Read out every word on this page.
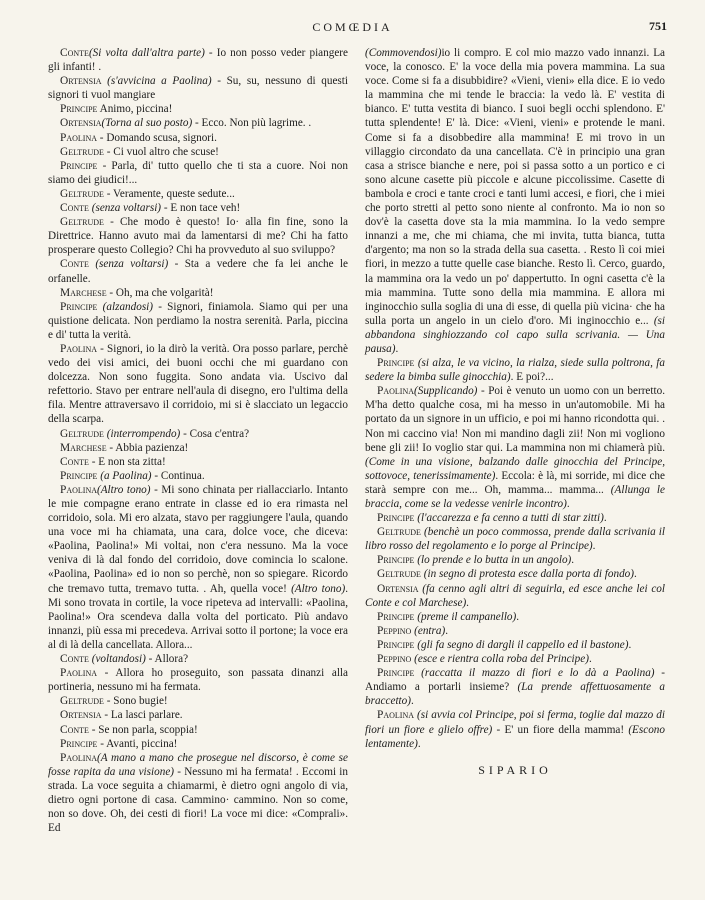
COMŒDIA	751

Conte(Si volta dall'altra parte) - Io non posso veder piangere gli infanti! .

Ortensia (s'avvicina a Paolina) - Su, su, nessuno di questi signori ti vuol mangiare

Principe Animo, piccina!

Ortensia(Torna al suo posto) - Ecco. Non più lagrime. .

Paolina - Domando scusa, signori.

Geltrude - Ci vuol altro che scuse!

Principe - Parla, di' tutto quello che ti sta a cuore. Noi non siamo dei giudici!...

Geltrude - Veramente, queste sedute...

Conte (senza voltarsi) - E non tace veh!

Geltrude - Che modo è questo! Io· alla fin fine, sono la Direttrice. Hanno avuto mai da lamentarsi di me? Chi ha fatto prosperare questo Collegio? Chi ha provveduto al suo sviluppo?

Conte (senza voltarsi) - Sta a vedere che fa lei anche le orfanelle.

Marchese - Oh, ma che volgarità!

Principe (alzandosi) - Signori, finiamola. Siamo qui per una quistione delicata. Non perdiamo la nostra serenità. Parla, piccina e di' tutta la verità.

Paolina - Signori, io la dirò la verità. Ora posso parlare, perchè vedo dei visi amici, dei buoni occhi che mi guardano con dolcezza. Non sono fuggita. Sono andata via. Uscivo dal refettorio. Stavo per entrare nell'aula di disegno, ero l'ultima della fila. Mentre attraversavo il corridoio, mi si è slacciato un legaccio della scarpa.

Geltrude (interrompendo) - Cosa c'entra?

Marchese - Abbia pazienza!

Conte - E non sta zitta!

Principe (a Paolina) - Continua.

Paolina(Altro tono) - Mi sono chinata per riallacciarlo. Intanto le mie compagne erano entrate in classe ed io era rimasta nel corridoio, sola. Mi ero alzata, stavo per raggiungere l'aula, quando una voce mi ha chiamata, una cara, dolce voce, che diceva: «Paolina, Paolina!» Mi voltai, non c'era nessuno. Ma la voce veniva di là dal fondo del corridoio, dove comincia lo scalone. «Paolina, Paolina» ed io non so perchè, non so spiegare. Ricordo che tremavo tutta, tremavo tutta. . Ah, quella voce! (Altro tono). Mi sono trovata in cortile, la voce ripeteva ad intervalli: «Paolina, Paolina!» Ora scendeva dalla volta del porticato. Più andavo innanzi, più essa mi precedeva. Arrivai sotto il portone; la voce era al di là della cancellata. Allora...

Conte (voltandosi) - Allora?

Paolina - Allora ho proseguito, son passata dinanzi alla portineria, nessuno mi ha fermata.

Geltrude - Sono bugie!

Ortensia - La lasci parlare.

Conte - Se non parla, scoppia!

Principe - Avanti, piccina!

Paolina(A mano a mano che prosegue nel discorso, è come se fosse rapita da una visione) - Nessuno mi ha fermata! . Eccomi in strada. La voce seguita a chiamarmi, è dietro ogni angolo di via, dietro ogni portone di casa. Cammino· cammino. Non so come, non so dove. Oh, dei cesti di fiori! La voce mi dice: «Comprali». Ed

(Commovendosi)io li compro. E col mio mazzo vado innanzi. La voce, la conosco. E' la voce della mia povera mammina. La sua voce. Come si fa a disubbidire? «Vieni, vieni» ella dice. E io vedo la mammina che mi tende le braccia: la vedo là. E' vestita di bianco. E' tutta vestita di bianco. I suoi begli occhi splendono. E' tutta splendente! E' là. Dice: «Vieni, vieni» e protende le mani. Come si fa a disobbedire alla mammina! E mi trovo in un villaggio circondato da una cancellata. C'è in principio una gran casa a strisce bianche e nere, poi si passa sotto a un portico e ci sono alcune casette più piccole e alcune piccolissime. Casette di bambola e croci e tante croci e tanti lumi accesi, e fiori, che i miei che porto stretti al petto sono niente al confronto. Ma io non so dov'è la casetta dove sta la mia mammina. Io la vedo sempre innanzi a me, che mi chiama, che mi invita, tutta bianca, tutta d'argento; ma non so la strada della sua casetta. . Resto lì coi miei fiori, in mezzo a tutte quelle case bianche. Resto lì. Cerco, guardo, la mammina ora la vedo un po' dappertutto. In ogni casetta c'è la mia mammina. Tutte sono della mia mammina. E allora mi inginocchio sulla soglia di una di esse, di quella più vicina· che ha sulla porta un angelo in un cielo d'oro. Mi inginocchio e... (si abbandona singhiozzando col capo sulla scrivania. — Una pausa).

Principe (si alza, le va vicino, la rialza, siede sulla poltrona, fa sedere la bimba sulle ginocchia). E poi?...

Paolina(Supplicando) - Poi è venuto un uomo con un berretto. M'ha detto qualche cosa, mi ha messo in un'automobile. Mi ha portato da un signore in un ufficio, e poi mi hanno ricondotta qui. . Non mi caccino via! Non mi mandino dagli zii! Non mi vogliono bene gli zii! Io voglio star qui. La mammina non mi chiamerà più. (Come in una visione, balzando dalle ginocchia del Principe, sottovoce, tenerissimamente). Eccola: è là, mi sorride, mi dice che starà sempre con me... Oh, mamma... mamma... (Allunga le braccia, come se la vedesse venirle incontro).

Principe (l'accarezza e fa cenno a tutti di star zitti).

Geltrude (benchè un poco commossa, prende dalla scrivania il libro rosso del regolamento e lo porge al Principe).

Principe (lo prende e lo butta in un angolo).

Geltrude (in segno di protesta esce dalla porta di fondo).

Ortensia (fa cenno agli altri di seguirla, ed esce anche lei col Conte e col Marchese).

Principe (preme il campanello).

Peppino (entra).

Principe (gli fa segno di dargli il cappello ed il bastone).

Peppino (esce e rientra colla roba del Principe).

Principe (raccatta il mazzo di fiori e lo dà a Paolina) - Andiamo a portarli insieme? (La prende affettuosamente a braccetto).

Paolina (si avvia col Principe, poi si ferma, toglie dal mazzo di fiori un fiore e glielo offre) - E' un fiore della mamma! (Escono lentamente).

SIPARIO
